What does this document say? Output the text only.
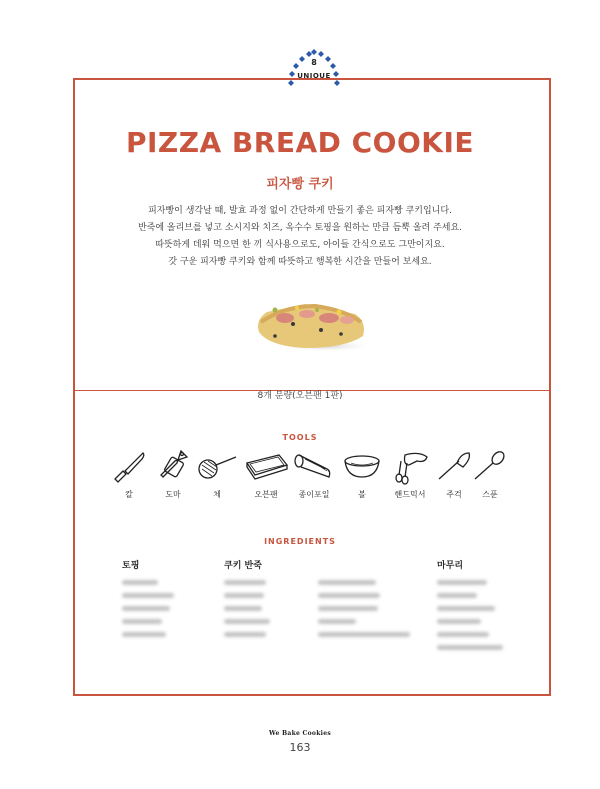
8
UNIQUE
PIZZA BREAD COOKIE
피자빵 쿠키
피자빵이 생각날 때, 발효 과정 없이 간단하게 만들기 좋은 피자빵 쿠키입니다.
반죽에 올리브를 넣고 소시지와 치즈, 옥수수 토핑을 원하는 만큼 듬뿍 올려 주세요.
따뜻하게 데워 먹으면 한 끼 식사용으로도, 아이들 간식으로도 그만이지요.
갓 구운 피자빵 쿠키와 함께 따뜻하고 행복한 시간을 만들어 보세요.
8개 분량(오븐팬 1판)
TOOLS
칼	도마	체	오븐팬	종이포일	볼	핸드믹서	주걱	스푼
INGREDIENTS
토핑	쿠키 반죽	마무리
We Bake Cookies
163
